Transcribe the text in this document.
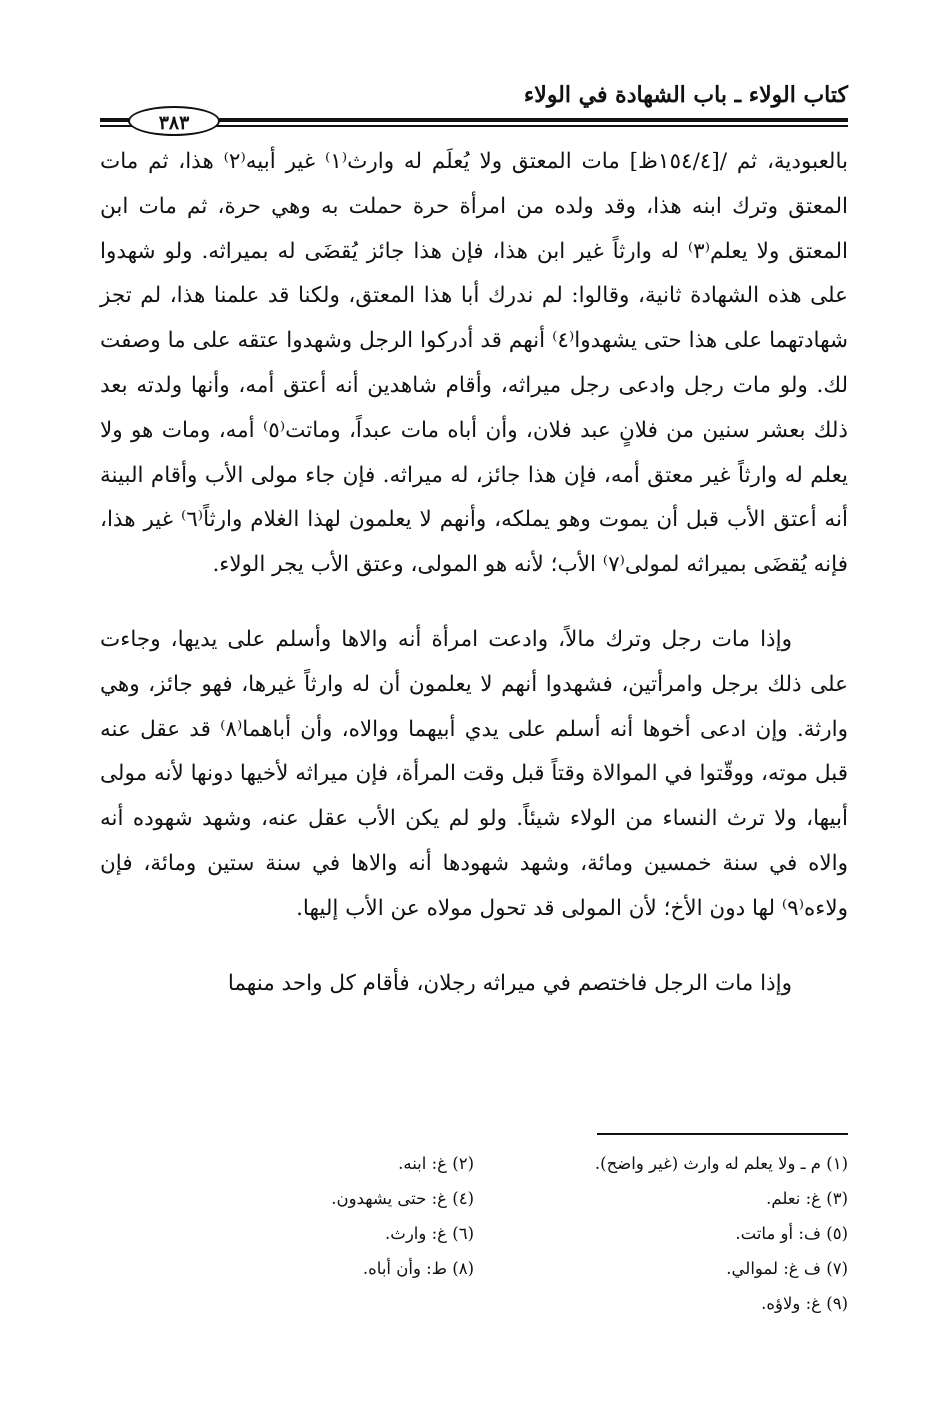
كتاب الولاء ـ باب الشهادة في الولاء
٣٨٣

بالعبودية، ثم /[١٥٤/٤ظ] مات المعتق ولا يُعلَم له وارث⁽١⁾ غير أبيه⁽٢⁾ هذا، ثم مات المعتق وترك ابنه هذا، وقد ولده من امرأة حرة حملت به وهي حرة، ثم مات ابن المعتق ولا يعلم⁽٣⁾ له وارثاً غير ابن هذا، فإن هذا جائز يُقضَى له بميراثه. ولو شهدوا على هذه الشهادة ثانية، وقالوا: لم ندرك أبا هذا المعتق، ولكنا قد علمنا هذا، لم تجز شهادتهما على هذا حتى يشهدوا⁽٤⁾ أنهم قد أدركوا الرجل وشهدوا عتقه على ما وصفت لك. ولو مات رجل وادعى رجل ميراثه، وأقام شاهدين أنه أعتق أمه، وأنها ولدته بعد ذلك بعشر سنين من فلانٍ عبد فلان، وأن أباه مات عبداً، وماتت⁽٥⁾ أمه، ومات هو ولا يعلم له وارثاً غير معتق أمه، فإن هذا جائز، له ميراثه. فإن جاء مولى الأب وأقام البينة أنه أعتق الأب قبل أن يموت وهو يملكه، وأنهم لا يعلمون لهذا الغلام وارثاً⁽٦⁾ غير هذا، فإنه يُقضَى بميراثه لمولى⁽٧⁾ الأب؛ لأنه هو المولى، وعتق الأب يجر الولاء.

وإذا مات رجل وترك مالاً، وادعت امرأة أنه والاها وأسلم على يديها، وجاءت على ذلك برجل وامرأتين، فشهدوا أنهم لا يعلمون أن له وارثاً غيرها، فهو جائز، وهي وارثة. وإن ادعى أخوها أنه أسلم على يدي أبيهما ووالاه، وأن أباهما⁽٨⁾ قد عقل عنه قبل موته، ووقّتوا في الموالاة وقتاً قبل وقت المرأة، فإن ميراثه لأخيها دونها لأنه مولى أبيها، ولا ترث النساء من الولاء شيئاً. ولو لم يكن الأب عقل عنه، وشهد شهوده أنه والاه في سنة خمسين ومائة، وشهد شهودها أنه والاها في سنة ستين ومائة، فإن ولاءه⁽٩⁾ لها دون الأخ؛ لأن المولى قد تحول مولاه عن الأب إليها.

وإذا مات الرجل فاختصم في ميراثه رجلان، فأقام كل واحد منهما

(١) م ـ ولا يعلم له وارث (غير واضح).
(٢) غ: ابنه.
(٣) غ: نعلم.
(٤) غ: حتى يشهدون.
(٥) ف: أو ماتت.
(٦) غ: وارث.
(٧) ف غ: لموالي.
(٨) ط: وأن أباه.
(٩) غ: ولاؤه.
